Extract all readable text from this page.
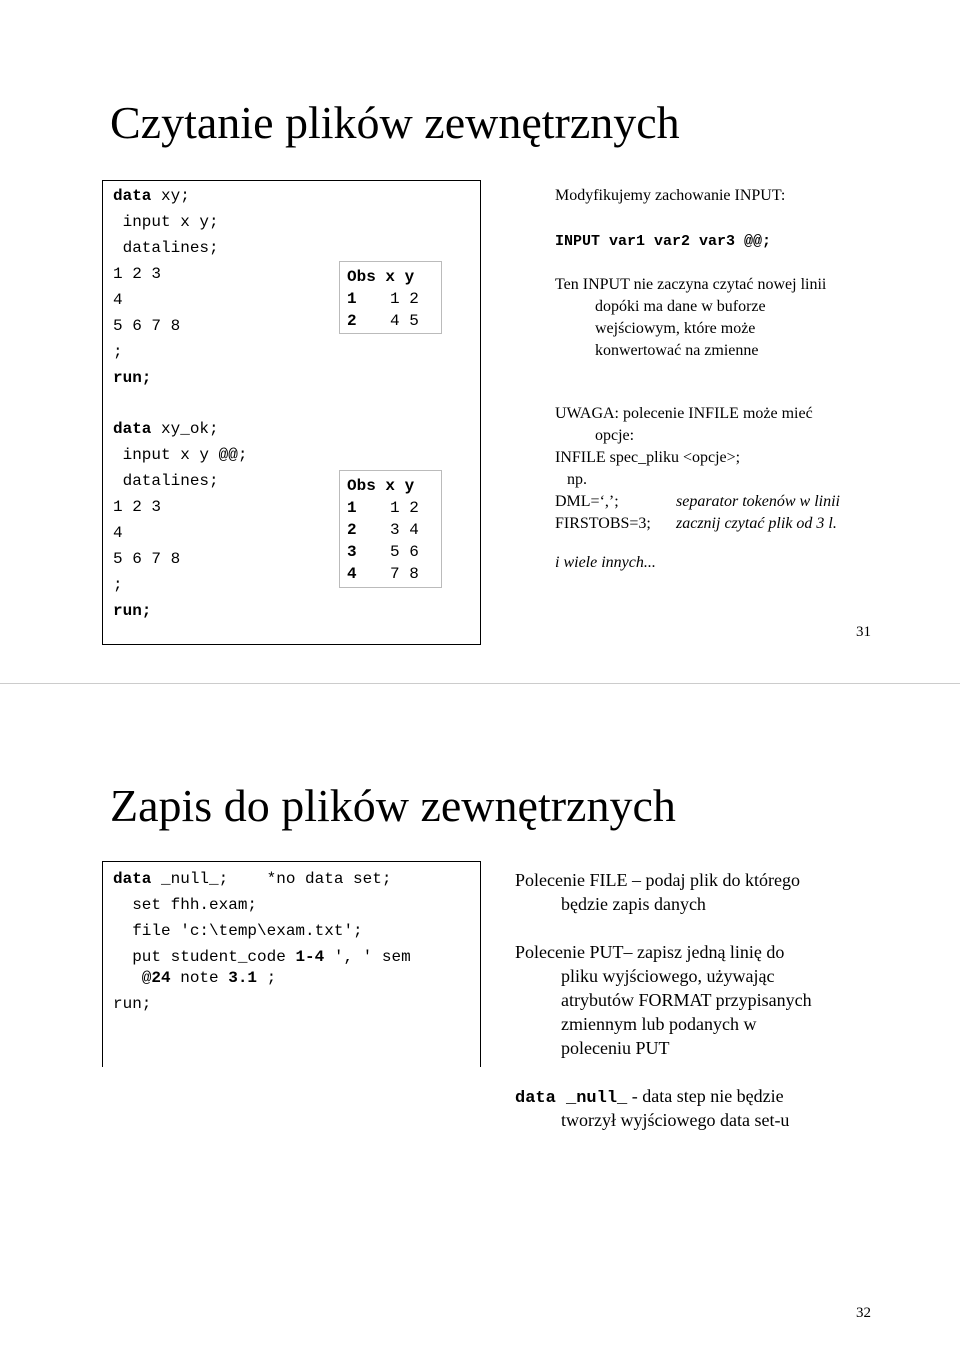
Czytanie plików zewnętrznych
data xy;
input x y;
datalines;
1 2 3
4
5 6 7 8
;
run;
data xy_ok;
input x y @@;
datalines;
1 2 3
4
5 6 7 8
;
run;
Obs x y
1 1 2
2 4 5
Obs x y
1 1 2
2 3 4
3 5 6
4 7 8
Modyfikujemy zachowanie INPUT:
INPUT var1 var2 var3 @@;
Ten INPUT nie zaczyna czytać nowej linii
dopóki ma dane w buforze
wejściowym, które może
konwertować na zmienne
UWAGA: polecenie INFILE może mieć
opcje:
INFILE spec_pliku <opcje>;
np.
DML=‘,’;	separator tokenów w linii
FIRSTOBS=3; zacznij czytać plik od 3 l.
i wiele innych...
31
Zapis do plików zewnętrznych
data _null_;    *no data set;
set fhh.exam;
file 'c:\temp\exam.txt';
put student_code 1-4 ', ' sem
@24 note 3.1 ;
run;
Polecenie FILE – podaj plik do którego
będzie zapis danych
Polecenie PUT– zapisz jedną linię do
pliku wyjściowego, używając
atrybutów FORMAT przypisanych
zmiennym lub podanych w
poleceniu PUT
data _null_ - data step nie będzie
tworzył wyjściowego data set-u
32
